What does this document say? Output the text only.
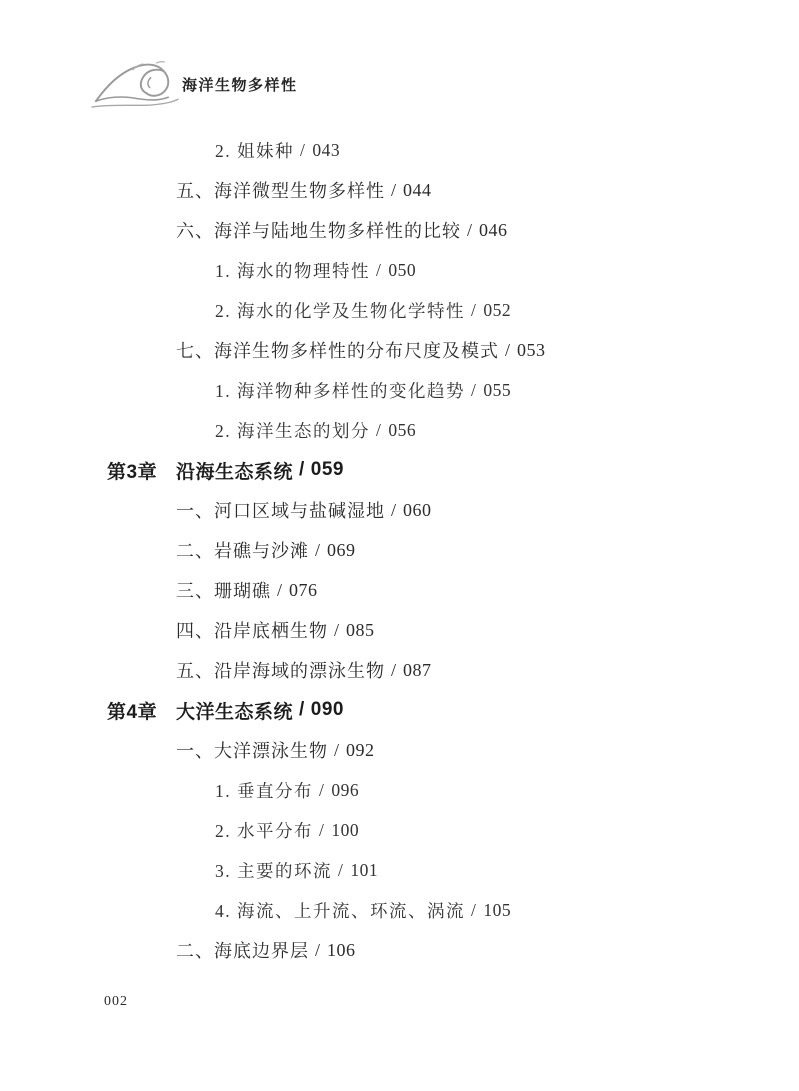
海洋生物多样性
2. 姐妹种 / 043
五、海洋微型生物多样性 / 044
六、海洋与陆地生物多样性的比较 / 046
1. 海水的物理特性 / 050
2. 海水的化学及生物化学特性 / 052
七、海洋生物多样性的分布尺度及模式 / 053
1. 海洋物种多样性的变化趋势 / 055
2. 海洋生态的划分 / 056
第3章 沿海生态系统 / 059
一、河口区域与盐碱湿地 / 060
二、岩礁与沙滩 / 069
三、珊瑚礁 / 076
四、沿岸底栖生物 / 085
五、沿岸海域的漂泳生物 / 087
第4章 大洋生态系统 / 090
一、大洋漂泳生物 / 092
1. 垂直分布 / 096
2. 水平分布 / 100
3. 主要的环流 / 101
4. 海流、上升流、环流、涡流 / 105
二、海底边界层 / 106
002
